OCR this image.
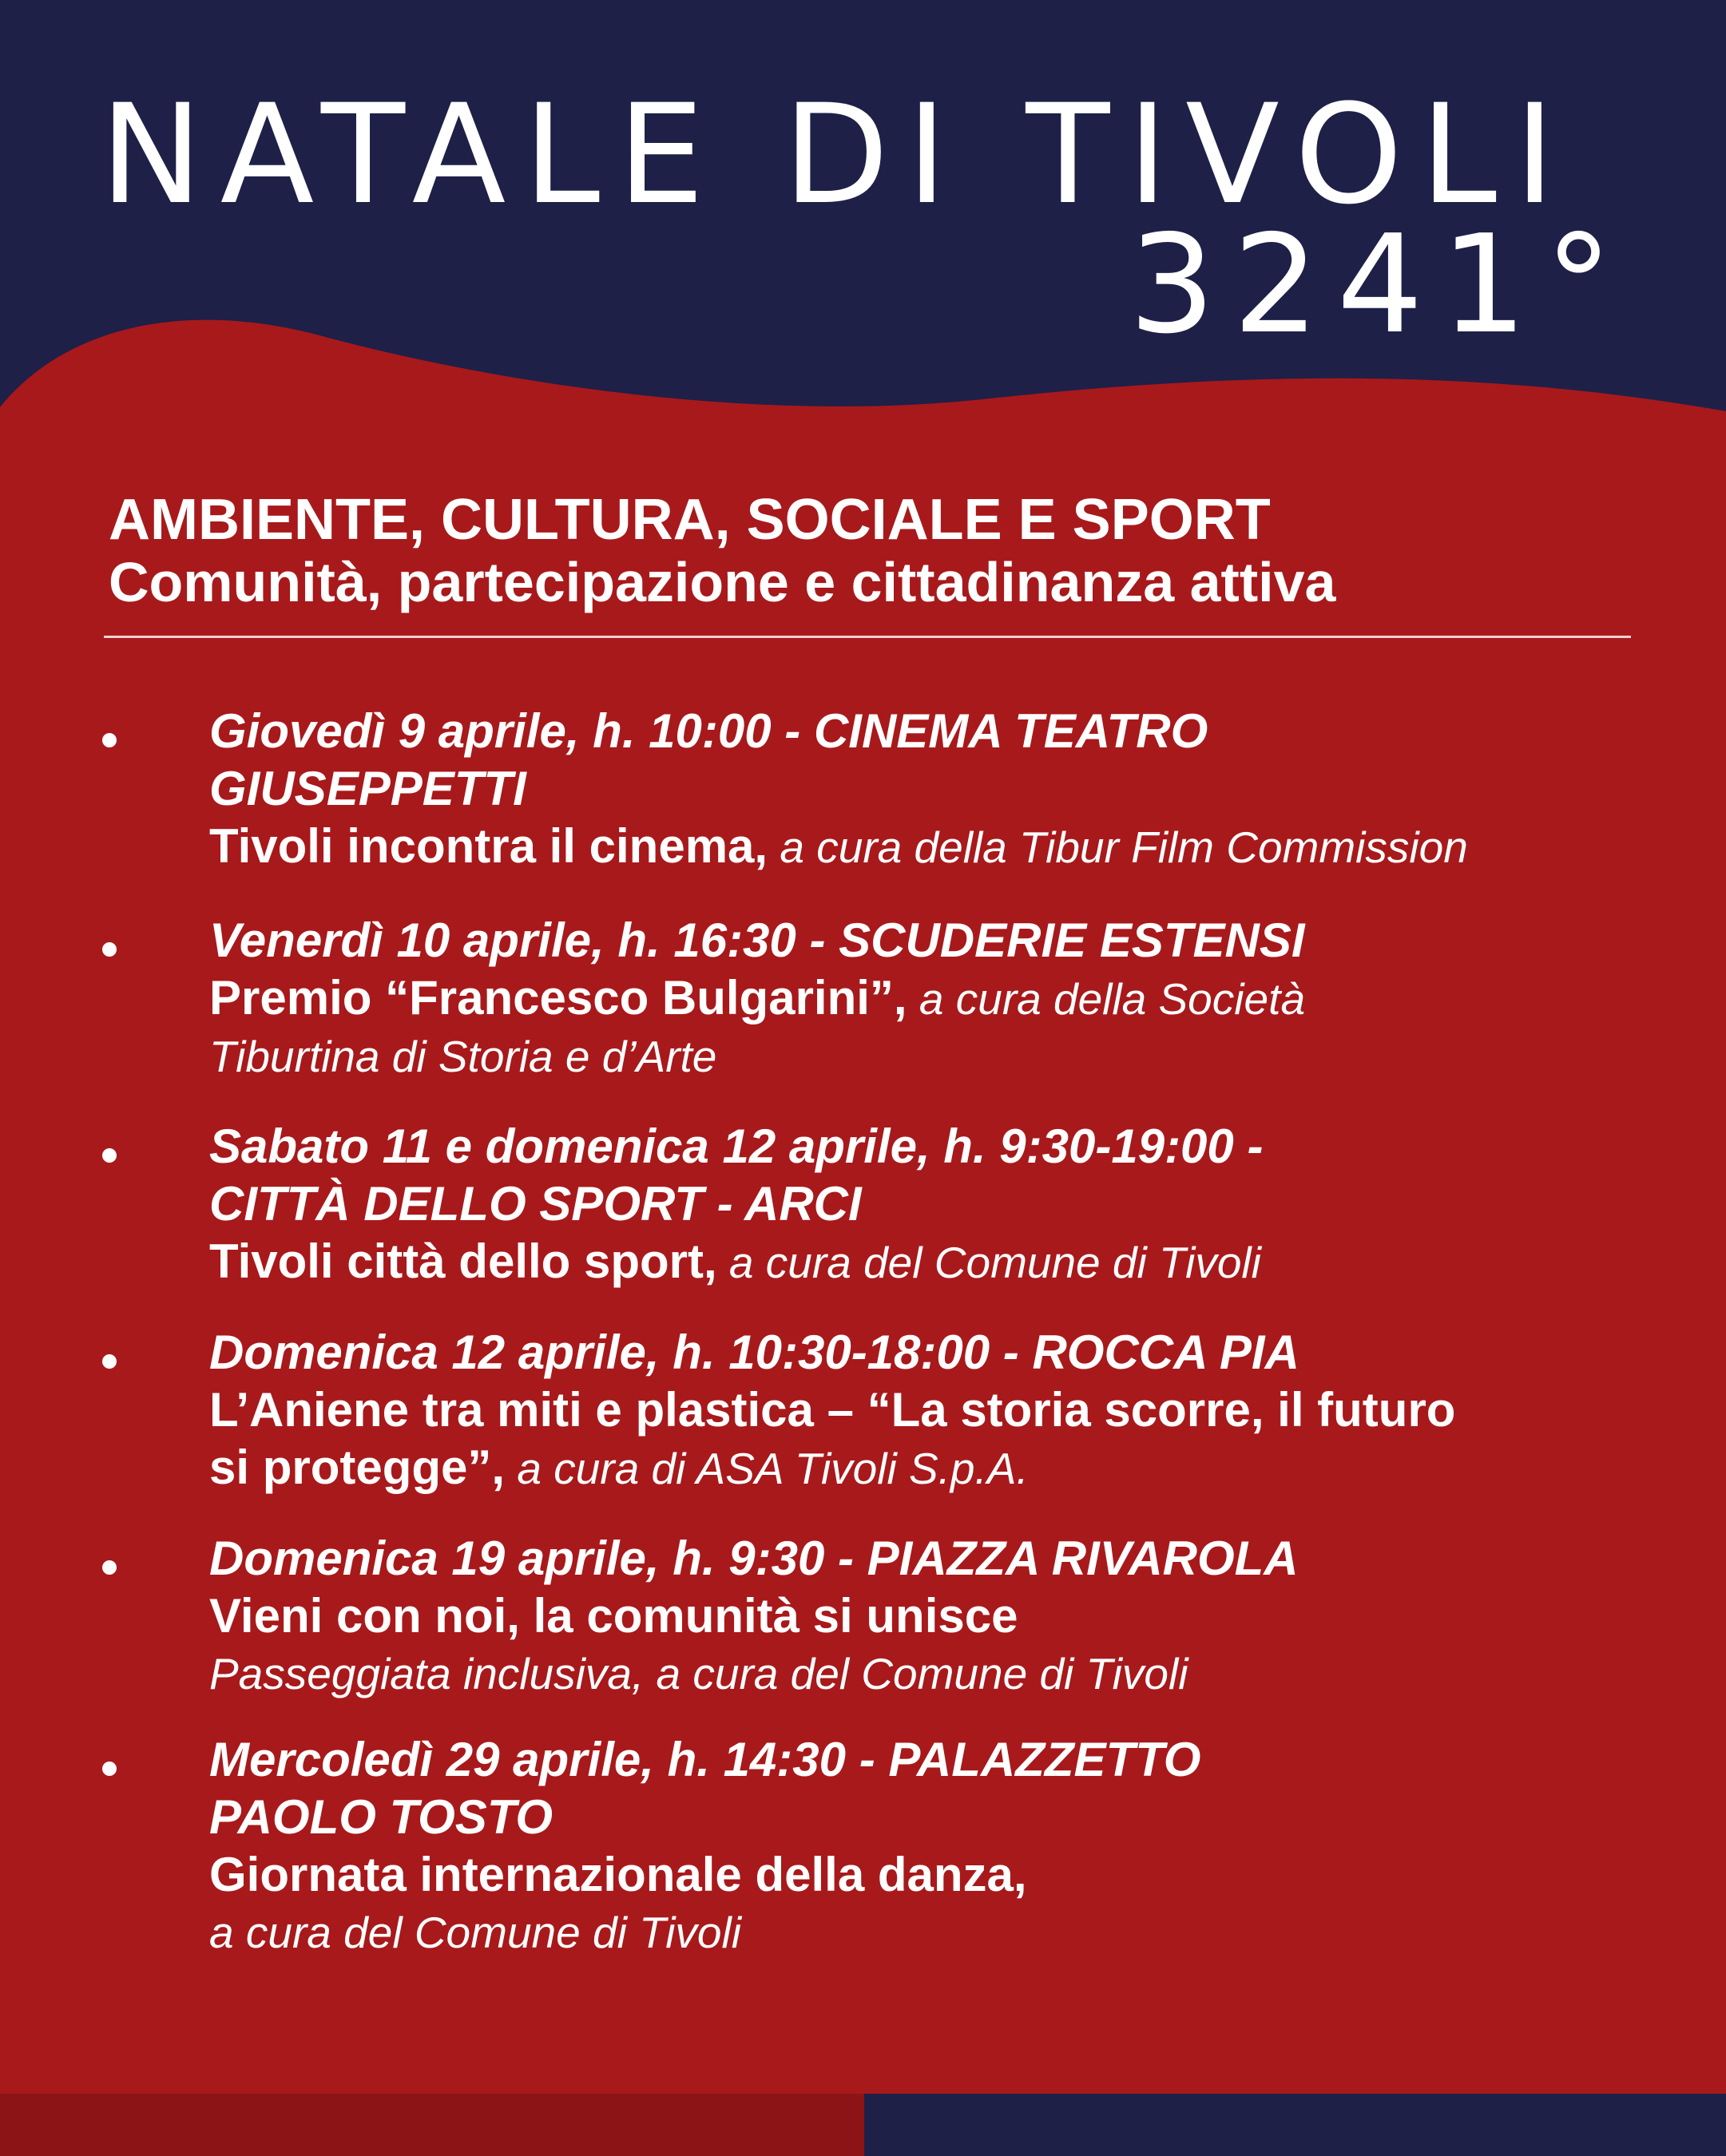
NATALE DI TIVOLI
3241°
AMBIENTE, CULTURA, SOCIALE E SPORT
Comunità, partecipazione e cittadinanza attiva
Giovedì 9 aprile, h. 10:00 - CINEMA TEATRO
GIUSEPPETTI
Tivoli incontra il cinema, a cura della Tibur Film Commission
Venerdì 10 aprile, h. 16:30 - SCUDERIE ESTENSI
Premio “Francesco Bulgarini”, a cura della Società
Tiburtina di Storia e d’Arte
Sabato 11 e domenica 12 aprile, h. 9:30-19:00 -
CITTÀ DELLO SPORT - ARCI
Tivoli città dello sport, a cura del Comune di Tivoli
Domenica 12 aprile, h. 10:30-18:00 - ROCCA PIA
L’Aniene tra miti e plastica – “La storia scorre, il futuro
si protegge”, a cura di ASA Tivoli S.p.A.
Domenica 19 aprile, h. 9:30 - PIAZZA RIVAROLA
Vieni con noi, la comunità si unisce
Passeggiata inclusiva, a cura del Comune di Tivoli
Mercoledì 29 aprile, h. 14:30 - PALAZZETTO
PAOLO TOSTO
Giornata internazionale della danza,
a cura del Comune di Tivoli
